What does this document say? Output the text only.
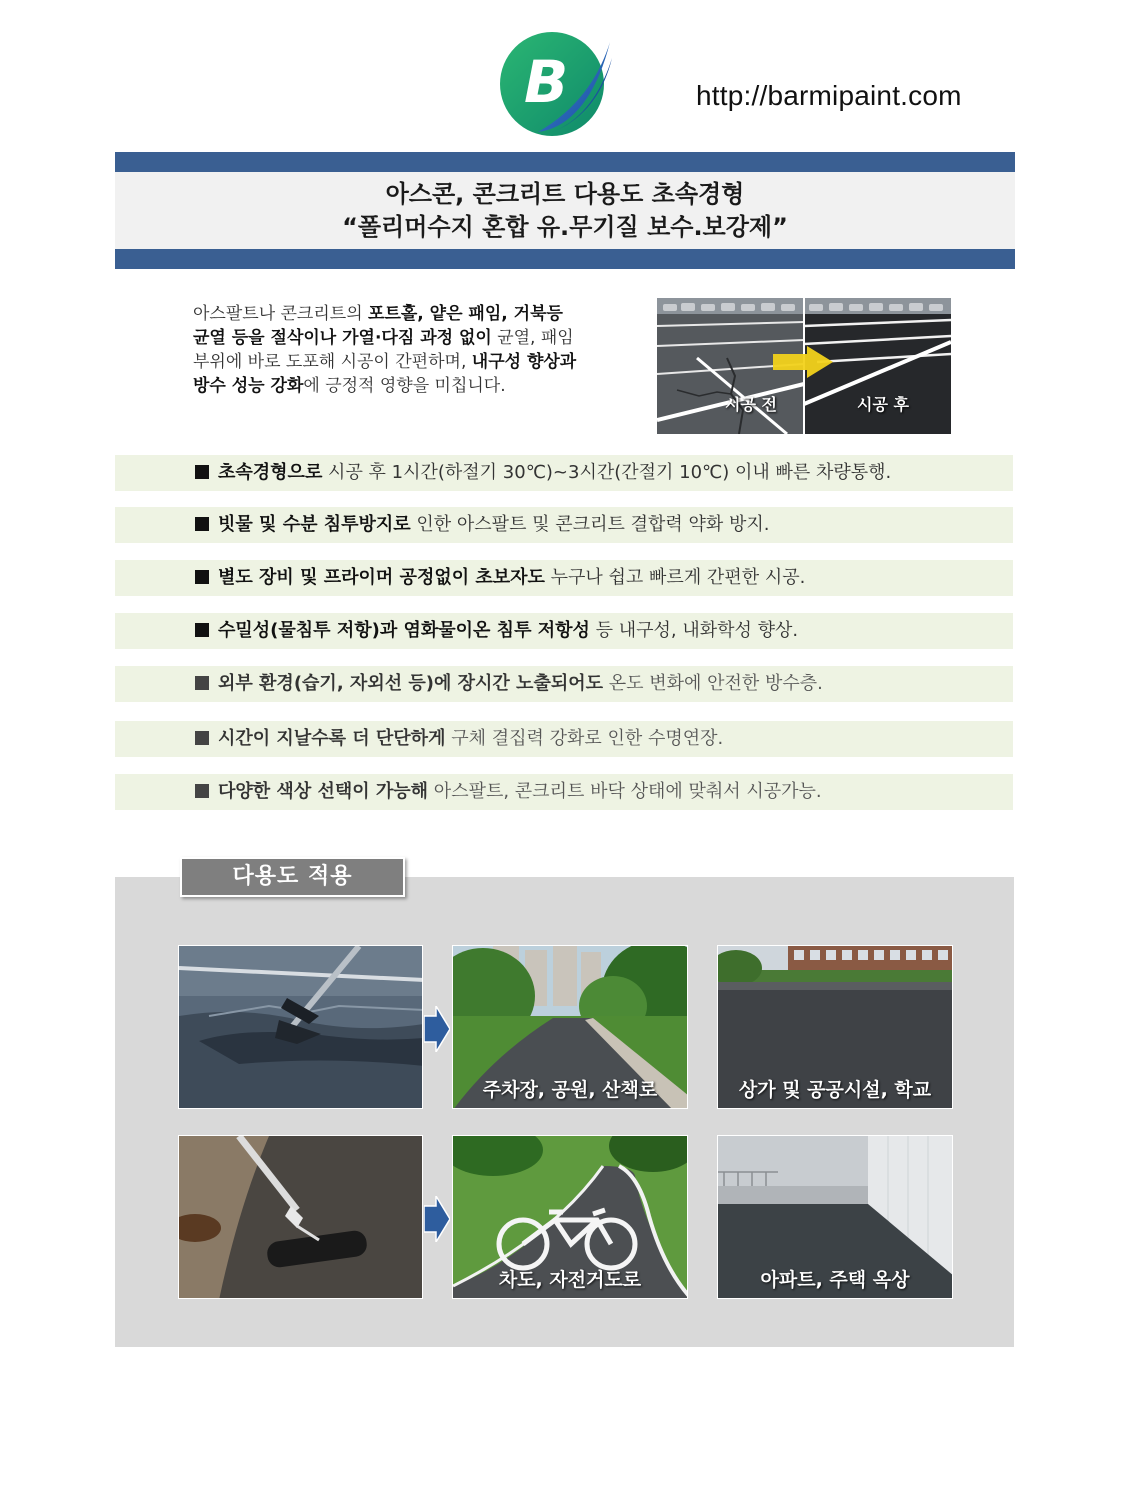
B	http://barmipaint.com
아스콘, 콘크리트 다용도 초속경형
“폴리머수지 혼합 유.무기질 보수.보강제”
아스팔트나 콘크리트의 포트홀, 얕은 패임, 거북등
균열 등을 절삭이나 가열·다짐 과정 없이 균열, 패임
부위에 바로 도포해 시공이 간편하며, 내구성 향상과
방수 성능 강화에 긍정적 영향을 미칩니다.
시공 전	시공 후
초속경형으로 시공 후 1시간(하절기 30℃)~3시간(간절기 10℃) 이내 빠른 차량통행.
빗물 및 수분 침투방지로 인한 아스팔트 및 콘크리트 결합력 약화 방지.
별도 장비 및 프라이머 공정없이 초보자도 누구나 쉽고 빠르게 간편한 시공.
수밀성(물침투 저항)과 염화물이온 침투 저항성 등 내구성, 내화학성 향상.
외부 환경(습기, 자외선 등)에 장시간 노출되어도 온도 변화에 안전한 방수층.
시간이 지날수록 더 단단하게 구체 결집력 강화로 인한 수명연장.
다양한 색상 선택이 가능해 아스팔트, 콘크리트 바닥 상태에 맞춰서 시공가능.
다용도 적용
주차장, 공원, 산책로	상가 및 공공시설, 학교
차도, 자전거도로	아파트, 주택 옥상
